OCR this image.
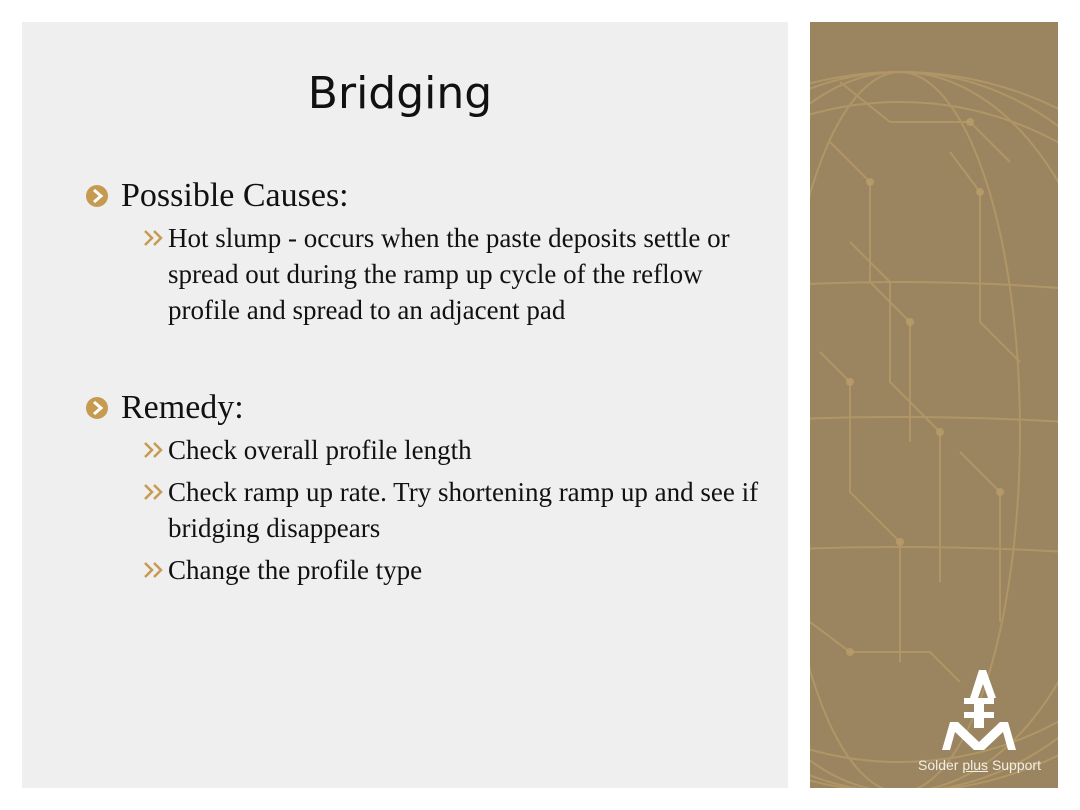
Bridging
Possible Causes:
Hot slump - occurs when the paste deposits settle or spread out during the ramp up cycle of the reflow profile and spread to an adjacent pad
Remedy:
Check overall profile length
Check ramp up rate. Try shortening ramp up and see if bridging disappears
Change the profile type
Solder plus Support
